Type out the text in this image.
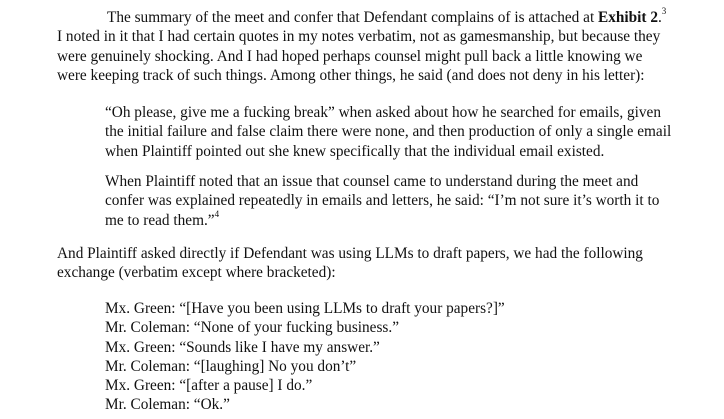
The summary of the meet and confer that Defendant complains of is attached at Exhibit 2.$^3$
I noted in it that I had certain quotes in my notes verbatim, not as gamesmanship, but because they
were genuinely shocking. And I had hoped perhaps counsel might pull back a little knowing we
were keeping track of such things. Among other things, he said (and does not deny in his letter):
“Oh please, give me a fucking break” when asked about how he searched for emails, given
the initial failure and false claim there were none, and then production of only a single email
when Plaintiff pointed out she knew specifically that the individual email existed.
When Plaintiff noted that an issue that counsel came to understand during the meet and
confer was explained repeatedly in emails and letters, he said: “I’m not sure it’s worth it to
me to read them.”$^4$
And Plaintiff asked directly if Defendant was using LLMs to draft papers, we had the following
exchange (verbatim except where bracketed):
Mx. Green: “[Have you been using LLMs to draft your papers?]”
Mr. Coleman: “None of your fucking business.”
Mx. Green: “Sounds like I have my answer.”
Mr. Coleman: “[laughing] No you don’t”
Mx. Green: “[after a pause] I do.”
Mr. Coleman: “Ok.”
